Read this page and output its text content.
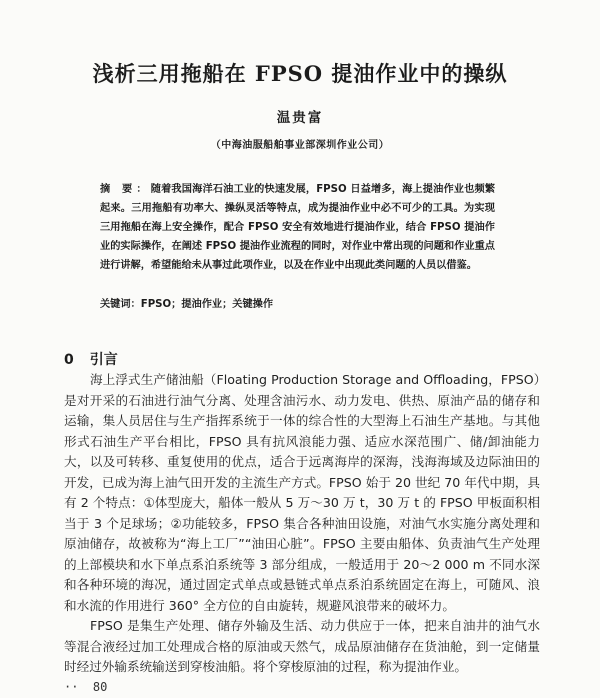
浅析三用拖船在 FPSO 提油作业中的操纵
温贵富
（中海油服船舶事业部深圳作业公司）
摘 要：随着我国海洋石油工业的快速发展，FPSO 日益增多，海上提油作业也频繁起来。三用拖船有功率大、操纵灵活等特点，成为提油作业中必不可少的工具。为实现三用拖船在海上安全操作，配合 FPSO 安全有效地进行提油作业，结合 FPSO 提油作业的实际操作，在阐述 FPSO 提油作业流程的同时，对作业中常出现的问题和作业重点进行讲解，希望能给未从事过此项作业，以及在作业中出现此类问题的人员以借鉴。
关键词：FPSO；提油作业；关键操作
0 引言

海上浮式生产储油船（Floating Production Storage and Offloading，FPSO）是对开采的石油进行油气分离、处理含油污水、动力发电、供热、原油产品的储存和运输，集人员居住与生产指挥系统于一体的综合性的大型海上石油生产基地。与其他形式石油生产平台相比，FPSO 具有抗风浪能力强、适应水深范围广、储/卸油能力大，以及可转移、重复使用的优点，适合于远离海岸的深海，浅海海域及边际油田的开发，已成为海上油气田开发的主流生产方式。FPSO 始于 20 世纪 70 年代中期，具有 2 个特点：①体型庞大，船体一般从 5 万～30 万 t，30 万 t 的 FPSO 甲板面积相当于 3 个足球场；②功能较多，FPSO 集合各种油田设施，对油气水实施分离处理和原油储存，故被称为“海上工厂”“油田心脏”。FPSO 主要由船体、负责油气生产处理的上部模块和水下单点系泊系统等 3 部分组成，一般适用于 20～2 000 m 不同水深和各种环境的海况，通过固定式单点或悬链式单点系泊系统固定在海上，可随风、浪和水流的作用进行 360° 全方位的自由旋转，规避风浪带来的破坏力。

FPSO 是集生产处理、储存外输及生活、动力供应于一体，把来自油井的油气水等混合液经过加工处理成合格的原油或天然气，成品原油储存在货油舱，到一定储量时经过外输系统输送到穿梭油船。将个穿梭原油的过程，称为提油作业。

··  80
